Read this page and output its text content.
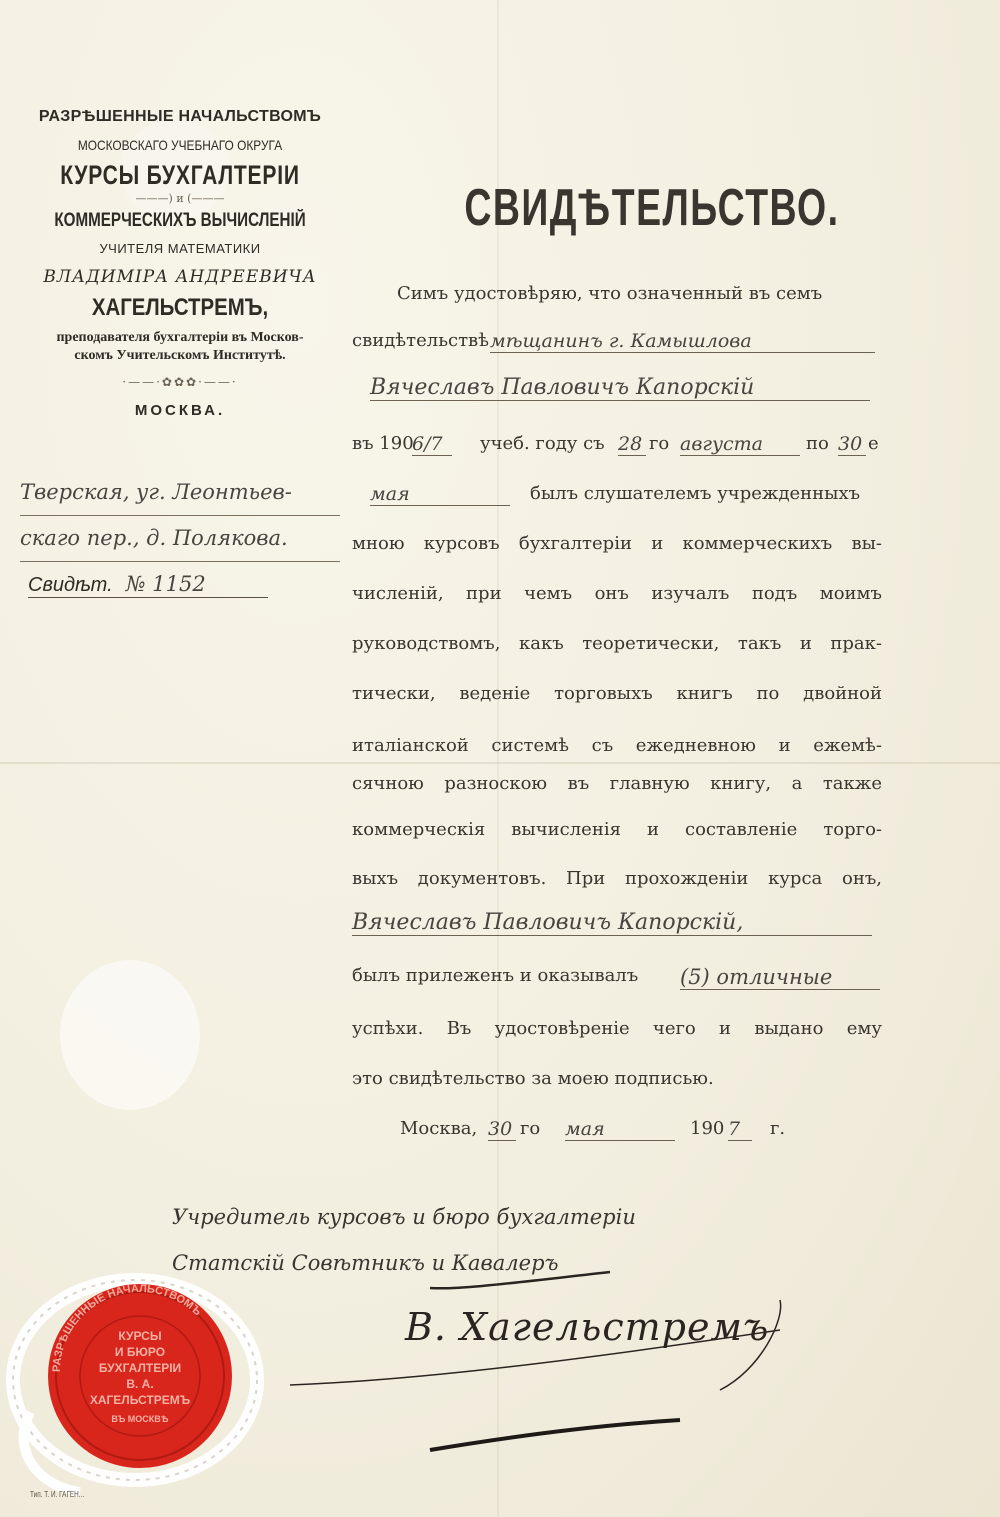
РАЗРѢШЕННЫЕ НАЧАЛЬСТВОМЪ

МОСКОВСКАГО УЧЕБНАГО ОКРУГА

КУРСЫ БУХГАЛТЕРІИ

———) и (———

КОММЕРЧЕСКИХЪ ВЫЧИСЛЕНІЙ

УЧИТЕЛЯ МАТЕМАТИКИ

ВЛАДИМІРА АНДРЕЕВИЧА

ХАГЕЛЬСТРЕМЪ,

преподавателя бухгалтеріи въ Москов-
скомъ Учительскомъ Институтѣ.

·——·✿✿✿·——·

МОСКВА.

Тверская, уг. Леонтьев-
скаго пер., д. Полякова.
Свидѣт. № 1152
СВИДѢТЕЛЬСТВО.
Симъ удостовѣряю, что означенный въ семъ
свидѣтельствѣ мѣщанинъ г. Камышлова
Вячеславъ Павловичъ Капорскій
въ 190
6/7	учеб. году съ 28 го августа	по 30 е
мая	былъ слушателемъ учрежденныхъ
мною курсовъ бухгалтеріи и коммерческихъ вы-
численій, при чемъ онъ изучалъ подъ моимъ
руководствомъ, какъ теоретически, такъ и прак-
тически, веденіе торговыхъ книгъ по двойной
италіанской системѣ съ ежедневною и ежемѣ-
сячною разноскою въ главную книгу, а также
коммерческія вычисленія и составленіе торго-
выхъ документовъ. При прохожденіи курса онъ,
Вячеславъ Павловичъ Капорскій,
былъ прилеженъ и оказывалъ (5) отличные
успѣхи. Въ удостовѣреніе чего и выдано ему
это свидѣтельство за моею подписью.
Москва, 30 го мая	190 7	г.
Учредитель курсовъ и бюро бухгалтеріи
Статскій Совѣтникъ и Кавалеръ
В. Хагельстремъ
РАЗРѢШЕННЫЕ НАЧАЛЬСТВОМЪ
КУРСЫ
И БЮРО
БУХГАЛТЕРІИ
В. А.
ХАГЕЛЬСТРЕМЪ
ВЪ МОСКВѢ
Тип. Т. И. ГАГЕН...
